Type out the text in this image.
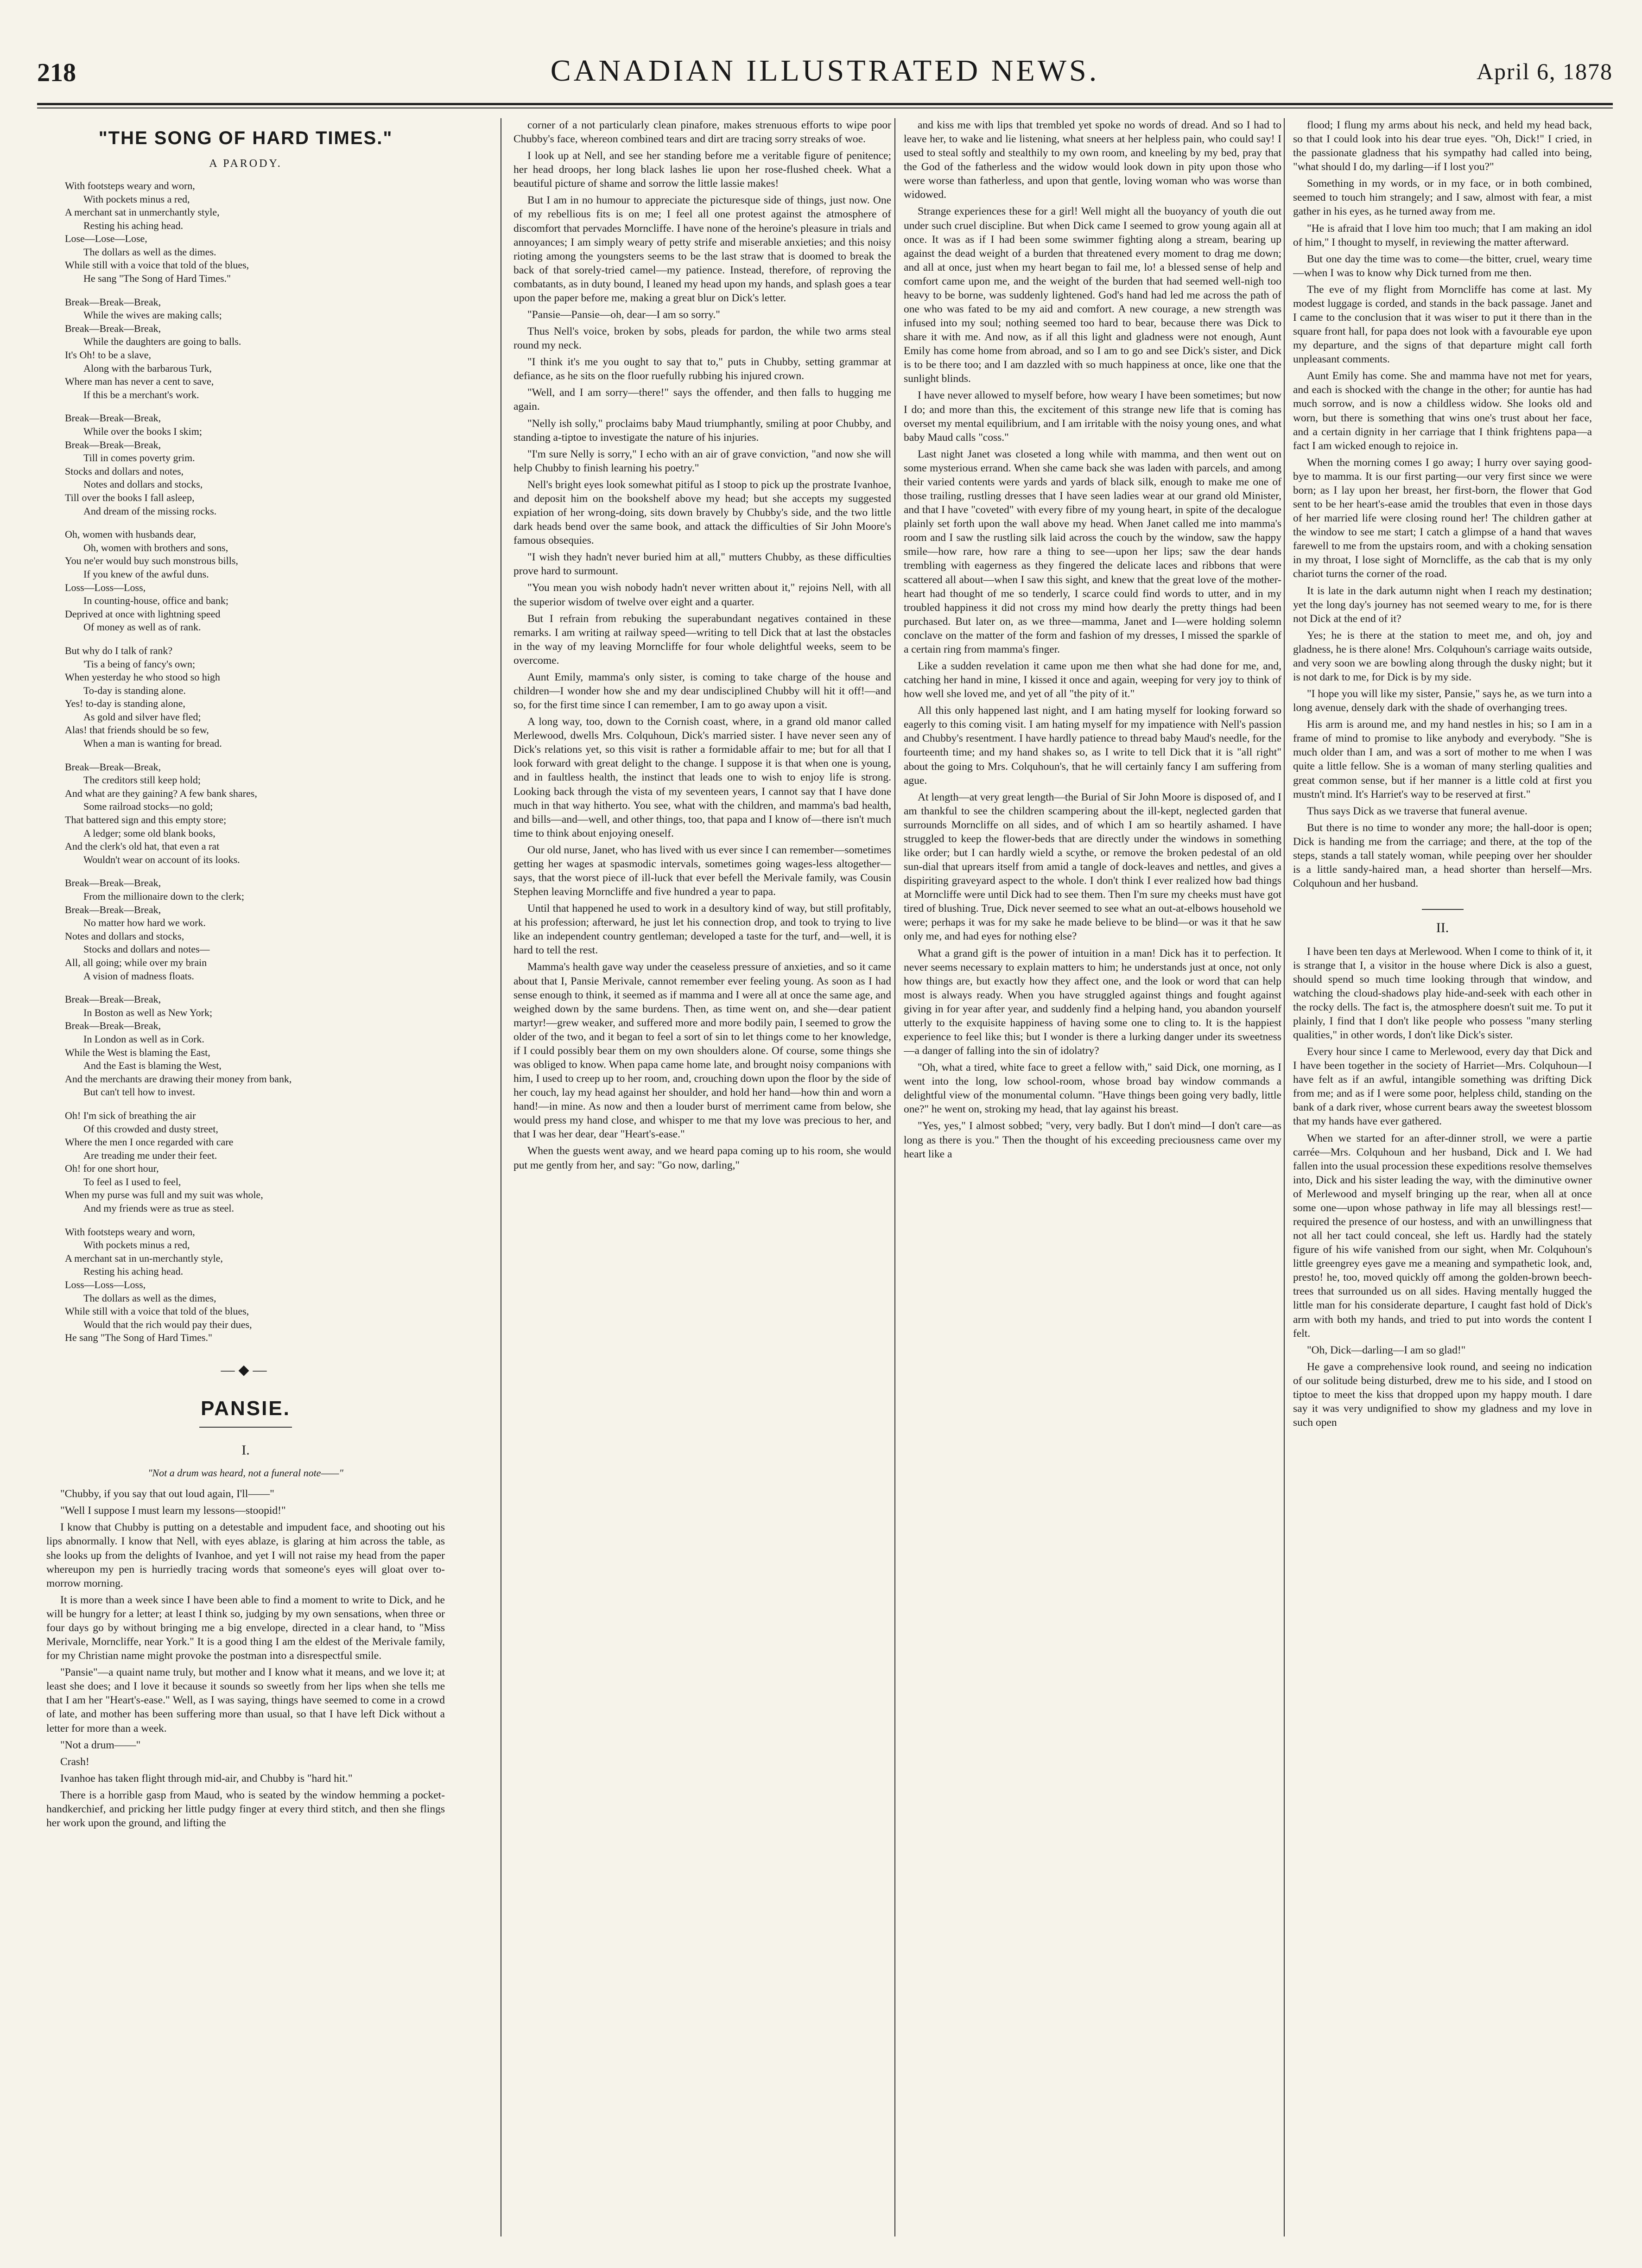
218	CANADIAN ILLUSTRATED NEWS.	April 6, 1878
"THE SONG OF HARD TIMES."
A PARODY.
With footsteps weary and worn,
With pockets minus a red,
A merchant sat in unmerchantly style,
Resting his aching head.
Lose—Lose—Lose,
The dollars as well as the dimes.
While still with a voice that told of the blues,
He sang "The Song of Hard Times."
Break—Break—Break,
While the wives are making calls;
Break—Break—Break,
While the daughters are going to balls.
It's Oh! to be a slave,
Along with the barbarous Turk,
Where man has never a cent to save,
If this be a merchant's work.
Break—Break—Break,
While over the books I skim;
Break—Break—Break,
Till in comes poverty grim.
Stocks and dollars and notes,
Notes and dollars and stocks,
Till over the books I fall asleep,
And dream of the missing rocks.
Oh, women with husbands dear,
Oh, women with brothers and sons,
You ne'er would buy such monstrous bills,
If you knew of the awful duns.
Loss—Loss—Loss,
In counting-house, office and bank;
Deprived at once with lightning speed
Of money as well as of rank.
But why do I talk of rank?
'Tis a being of fancy's own;
When yesterday he who stood so high
To-day is standing alone.
Yes! to-day is standing alone,
As gold and silver have fled;
Alas! that friends should be so few,
When a man is wanting for bread.
Break—Break—Break,
The creditors still keep hold;
And what are they gaining? A few bank shares,
Some railroad stocks—no gold;
That battered sign and this empty store;
A ledger; some old blank books,
And the clerk's old hat, that even a rat
Wouldn't wear on account of its looks.
Break—Break—Break,
From the millionaire down to the clerk;
Break—Break—Break,
No matter how hard we work.
Notes and dollars and stocks,
Stocks and dollars and notes—
All, all going; while over my brain
A vision of madness floats.
Break—Break—Break,
In Boston as well as New York;
Break—Break—Break,
In London as well as in Cork.
While the West is blaming the East,
And the East is blaming the West,
And the merchants are drawing their money from bank,
But can't tell how to invest.
Oh! I'm sick of breathing the air
Of this crowded and dusty street,
Where the men I once regarded with care
Are treading me under their feet.
Oh! for one short hour,
To feel as I used to feel,
When my purse was full and my suit was whole,
And my friends were as true as steel.
With footsteps weary and worn,
With pockets minus a red,
A merchant sat in un-merchantly style,
Resting his aching head.
Loss—Loss—Loss,
The dollars as well as the dimes,
While still with a voice that told of the blues,
Would that the rich would pay their dues,
He sang "The Song of Hard Times."
—◆—
PANSIE.
I.
"Not a drum was heard, not a funeral note——"

"Chubby, if you say that out loud again, I'll——"

"Well I suppose I must learn my lessons—stoopid!"

I know that Chubby is putting on a detestable and impudent face, and shooting out his lips abnormally. I know that Nell, with eyes ablaze, is glaring at him across the table, as she looks up from the delights of Ivanhoe, and yet I will not raise my head from the paper whereupon my pen is hurriedly tracing words that someone's eyes will gloat over to-morrow morning.

It is more than a week since I have been able to find a moment to write to Dick, and he will be hungry for a letter; at least I think so, judging by my own sensations, when three or four days go by without bringing me a big envelope, directed in a clear hand, to "Miss Merivale, Morncliffe, near York." It is a good thing I am the eldest of the Merivale family, for my Christian name might provoke the postman into a disrespectful smile.

"Pansie"—a quaint name truly, but mother and I know what it means, and we love it; at least she does; and I love it because it sounds so sweetly from her lips when she tells me that I am her "Heart's-ease." Well, as I was saying, things have seemed to come in a crowd of late, and mother has been suffering more than usual, so that I have left Dick without a letter for more than a week.

"Not a drum——"

Crash!

Ivanhoe has taken flight through mid-air, and Chubby is "hard hit."

There is a horrible gasp from Maud, who is seated by the window hemming a pocket-handkerchief, and pricking her little pudgy finger at every third stitch, and then she flings her work upon the ground, and lifting the

corner of a not particularly clean pinafore, makes strenuous efforts to wipe poor Chubby's face, whereon combined tears and dirt are tracing sorry streaks of woe.

I look up at Nell, and see her standing before me a veritable figure of penitence; her head droops, her long black lashes lie upon her rose-flushed cheek. What a beautiful picture of shame and sorrow the little lassie makes!

But I am in no humour to appreciate the picturesque side of things, just now. One of my rebellious fits is on me; I feel all one protest against the atmosphere of discomfort that pervades Morncliffe. I have none of the heroine's pleasure in trials and annoyances; I am simply weary of petty strife and miserable anxieties; and this noisy rioting among the youngsters seems to be the last straw that is doomed to break the back of that sorely-tried camel—my patience. Instead, therefore, of reproving the combatants, as in duty bound, I leaned my head upon my hands, and splash goes a tear upon the paper before me, making a great blur on Dick's letter.

"Pansie—Pansie—oh, dear—I am so sorry."

Thus Nell's voice, broken by sobs, pleads for pardon, the while two arms steal round my neck.

"I think it's me you ought to say that to," puts in Chubby, setting grammar at defiance, as he sits on the floor ruefully rubbing his injured crown.

"Well, and I am sorry—there!" says the offender, and then falls to hugging me again.

"Nelly ish solly," proclaims baby Maud triumphantly, smiling at poor Chubby, and standing a-tiptoe to investigate the nature of his injuries.

"I'm sure Nelly is sorry," I echo with an air of grave conviction, "and now she will help Chubby to finish learning his poetry."

Nell's bright eyes look somewhat pitiful as I stoop to pick up the prostrate Ivanhoe, and deposit him on the bookshelf above my head; but she accepts my suggested expiation of her wrong-doing, sits down bravely by Chubby's side, and the two little dark heads bend over the same book, and attack the difficulties of Sir John Moore's famous obsequies.

"I wish they hadn't never buried him at all," mutters Chubby, as these difficulties prove hard to surmount.

"You mean you wish nobody hadn't never written about it," rejoins Nell, with all the superior wisdom of twelve over eight and a quarter.

But I refrain from rebuking the superabundant negatives contained in these remarks. I am writing at railway speed—writing to tell Dick that at last the obstacles in the way of my leaving Morncliffe for four whole delightful weeks, seem to be overcome.

Aunt Emily, mamma's only sister, is coming to take charge of the house and children—I wonder how she and my dear undisciplined Chubby will hit it off!—and so, for the first time since I can remember, I am to go away upon a visit.

A long way, too, down to the Cornish coast, where, in a grand old manor called Merlewood, dwells Mrs. Colquhoun, Dick's married sister. I have never seen any of Dick's relations yet, so this visit is rather a formidable affair to me; but for all that I look forward with great delight to the change. I suppose it is that when one is young, and in faultless health, the instinct that leads one to wish to enjoy life is strong. Looking back through the vista of my seventeen years, I cannot say that I have done much in that way hitherto. You see, what with the children, and mamma's bad health, and bills—and—well, and other things, too, that papa and I know of—there isn't much time to think about enjoying oneself.

Our old nurse, Janet, who has lived with us ever since I can remember—sometimes getting her wages at spasmodic intervals, sometimes going wages-less altogether—says, that the worst piece of ill-luck that ever befell the Merivale family, was Cousin Stephen leaving Morncliffe and five hundred a year to papa.

Until that happened he used to work in a desultory kind of way, but still profitably, at his profession; afterward, he just let his connection drop, and took to trying to live like an independent country gentleman; developed a taste for the turf, and—well, it is hard to tell the rest.

Mamma's health gave way under the ceaseless pressure of anxieties, and so it came about that I, Pansie Merivale, cannot remember ever feeling young. As soon as I had sense enough to think, it seemed as if mamma and I were all at once the same age, and weighed down by the same burdens. Then, as time went on, and she—dear patient martyr!—grew weaker, and suffered more and more bodily pain, I seemed to grow the older of the two, and it began to feel a sort of sin to let things come to her knowledge, if I could possibly bear them on my own shoulders alone. Of course, some things she was obliged to know. When papa came home late, and brought noisy companions with him, I used to creep up to her room, and, crouching down upon the floor by the side of her couch, lay my head against her shoulder, and hold her hand—how thin and worn a hand!—in mine. As now and then a louder burst of merriment came from below, she would press my hand close, and whisper to me that my love was precious to her, and that I was her dear, dear "Heart's-ease."

When the guests went away, and we heard papa coming up to his room, she would put me gently from her, and say: "Go now, darling,"

and kiss me with lips that trembled yet spoke no words of dread. And so I had to leave her, to wake and lie listening, what sneers at her helpless pain, who could say! I used to steal softly and stealthily to my own room, and kneeling by my bed, pray that the God of the fatherless and the widow would look down in pity upon those who were worse than fatherless, and upon that gentle, loving woman who was worse than widowed.

Strange experiences these for a girl! Well might all the buoyancy of youth die out under such cruel discipline. But when Dick came I seemed to grow young again all at once. It was as if I had been some swimmer fighting along a stream, bearing up against the dead weight of a burden that threatened every moment to drag me down; and all at once, just when my heart began to fail me, lo! a blessed sense of help and comfort came upon me, and the weight of the burden that had seemed well-nigh too heavy to be borne, was suddenly lightened. God's hand had led me across the path of one who was fated to be my aid and comfort. A new courage, a new strength was infused into my soul; nothing seemed too hard to bear, because there was Dick to share it with me. And now, as if all this light and gladness were not enough, Aunt Emily has come home from abroad, and so I am to go and see Dick's sister, and Dick is to be there too; and I am dazzled with so much happiness at once, like one that the sunlight blinds.

I have never allowed to myself before, how weary I have been sometimes; but now I do; and more than this, the excitement of this strange new life that is coming has overset my mental equilibrium, and I am irritable with the noisy young ones, and what baby Maud calls "coss."

Last night Janet was closeted a long while with mamma, and then went out on some mysterious errand. When she came back she was laden with parcels, and among their varied contents were yards and yards of black silk, enough to make me one of those trailing, rustling dresses that I have seen ladies wear at our grand old Minister, and that I have "coveted" with every fibre of my young heart, in spite of the decalogue plainly set forth upon the wall above my head. When Janet called me into mamma's room and I saw the rustling silk laid across the couch by the window, saw the happy smile—how rare, how rare a thing to see—upon her lips; saw the dear hands trembling with eagerness as they fingered the delicate laces and ribbons that were scattered all about—when I saw this sight, and knew that the great love of the mother-heart had thought of me so tenderly, I scarce could find words to utter, and in my troubled happiness it did not cross my mind how dearly the pretty things had been purchased. But later on, as we three—mamma, Janet and I—were holding solemn conclave on the matter of the form and fashion of my dresses, I missed the sparkle of a certain ring from mamma's finger.

Like a sudden revelation it came upon me then what she had done for me, and, catching her hand in mine, I kissed it once and again, weeping for very joy to think of how well she loved me, and yet of all "the pity of it."

All this only happened last night, and I am hating myself for looking forward so eagerly to this coming visit. I am hating myself for my impatience with Nell's passion and Chubby's resentment. I have hardly patience to thread baby Maud's needle, for the fourteenth time; and my hand shakes so, as I write to tell Dick that it is "all right" about the going to Mrs. Colquhoun's, that he will certainly fancy I am suffering from ague.

At length—at very great length—the Burial of Sir John Moore is disposed of, and I am thankful to see the children scampering about the ill-kept, neglected garden that surrounds Morncliffe on all sides, and of which I am so heartily ashamed. I have struggled to keep the flower-beds that are directly under the windows in something like order; but I can hardly wield a scythe, or remove the broken pedestal of an old sun-dial that uprears itself from amid a tangle of dock-leaves and nettles, and gives a dispiriting graveyard aspect to the whole. I don't think I ever realized how bad things at Morncliffe were until Dick had to see them. Then I'm sure my cheeks must have got tired of blushing. True, Dick never seemed to see what an out-at-elbows household we were; perhaps it was for my sake he made believe to be blind—or was it that he saw only me, and had eyes for nothing else?

What a grand gift is the power of intuition in a man! Dick has it to perfection. It never seems necessary to explain matters to him; he understands just at once, not only how things are, but exactly how they affect one, and the look or word that can help most is always ready. When you have struggled against things and fought against giving in for year after year, and suddenly find a helping hand, you abandon yourself utterly to the exquisite happiness of having some one to cling to. It is the happiest experience to feel like this; but I wonder is there a lurking danger under its sweetness—a danger of falling into the sin of idolatry?

"Oh, what a tired, white face to greet a fellow with," said Dick, one morning, as I went into the long, low school-room, whose broad bay window commands a delightful view of the monumental column. "Have things been going very badly, little one?" he went on, stroking my head, that lay against his breast.

"Yes, yes," I almost sobbed; "very, very badly. But I don't mind—I don't care—as long as there is you." Then the thought of his exceeding preciousness came over my heart like a

flood; I flung my arms about his neck, and held my head back, so that I could look into his dear true eyes. "Oh, Dick!" I cried, in the passionate gladness that his sympathy had called into being, "what should I do, my darling—if I lost you?"

Something in my words, or in my face, or in both combined, seemed to touch him strangely; and I saw, almost with fear, a mist gather in his eyes, as he turned away from me.

"He is afraid that I love him too much; that I am making an idol of him," I thought to myself, in reviewing the matter afterward.

But one day the time was to come—the bitter, cruel, weary time—when I was to know why Dick turned from me then.

The eve of my flight from Morncliffe has come at last. My modest luggage is corded, and stands in the back passage. Janet and I came to the conclusion that it was wiser to put it there than in the square front hall, for papa does not look with a favourable eye upon my departure, and the signs of that departure might call forth unpleasant comments.

Aunt Emily has come. She and mamma have not met for years, and each is shocked with the change in the other; for auntie has had much sorrow, and is now a childless widow. She looks old and worn, but there is something that wins one's trust about her face, and a certain dignity in her carriage that I think frightens papa—a fact I am wicked enough to rejoice in.

When the morning comes I go away; I hurry over saying good-bye to mamma. It is our first parting—our very first since we were born; as I lay upon her breast, her first-born, the flower that God sent to be her heart's-ease amid the troubles that even in those days of her married life were closing round her! The children gather at the window to see me start; I catch a glimpse of a hand that waves farewell to me from the upstairs room, and with a choking sensation in my throat, I lose sight of Morncliffe, as the cab that is my only chariot turns the corner of the road.

It is late in the dark autumn night when I reach my destination; yet the long day's journey has not seemed weary to me, for is there not Dick at the end of it?

Yes; he is there at the station to meet me, and oh, joy and gladness, he is there alone! Mrs. Colquhoun's carriage waits outside, and very soon we are bowling along through the dusky night; but it is not dark to me, for Dick is by my side.

"I hope you will like my sister, Pansie," says he, as we turn into a long avenue, densely dark with the shade of overhanging trees.

His arm is around me, and my hand nestles in his; so I am in a frame of mind to promise to like anybody and everybody. "She is much older than I am, and was a sort of mother to me when I was quite a little fellow. She is a woman of many sterling qualities and great common sense, but if her manner is a little cold at first you mustn't mind. It's Harriet's way to be reserved at first."

Thus says Dick as we traverse that funeral avenue.

But there is no time to wonder any more; the hall-door is open; Dick is handing me from the carriage; and there, at the top of the steps, stands a tall stately woman, while peeping over her shoulder is a little sandy-haired man, a head shorter than herself—Mrs. Colquhoun and her husband.

II.

I have been ten days at Merlewood. When I come to think of it, it is strange that I, a visitor in the house where Dick is also a guest, should spend so much time looking through that window, and watching the cloud-shadows play hide-and-seek with each other in the rocky dells. The fact is, the atmosphere doesn't suit me. To put it plainly, I find that I don't like people who possess "many sterling qualities," in other words, I don't like Dick's sister.

Every hour since I came to Merlewood, every day that Dick and I have been together in the society of Harriet—Mrs. Colquhoun—I have felt as if an awful, intangible something was drifting Dick from me; and as if I were some poor, helpless child, standing on the bank of a dark river, whose current bears away the sweetest blossom that my hands have ever gathered.

When we started for an after-dinner stroll, we were a partie carrée—Mrs. Colquhoun and her husband, Dick and I. We had fallen into the usual procession these expeditions resolve themselves into, Dick and his sister leading the way, with the diminutive owner of Merlewood and myself bringing up the rear, when all at once some one—upon whose pathway in life may all blessings rest!—required the presence of our hostess, and with an unwillingness that not all her tact could conceal, she left us. Hardly had the stately figure of his wife vanished from our sight, when Mr. Colquhoun's little greengrey eyes gave me a meaning and sympathetic look, and, presto! he, too, moved quickly off among the golden-brown beech-trees that surrounded us on all sides. Having mentally hugged the little man for his considerate departure, I caught fast hold of Dick's arm with both my hands, and tried to put into words the content I felt.

"Oh, Dick—darling—I am so glad!"

He gave a comprehensive look round, and seeing no indication of our solitude being disturbed, drew me to his side, and I stood on tiptoe to meet the kiss that dropped upon my happy mouth. I dare say it was very undignified to show my gladness and my love in such open
